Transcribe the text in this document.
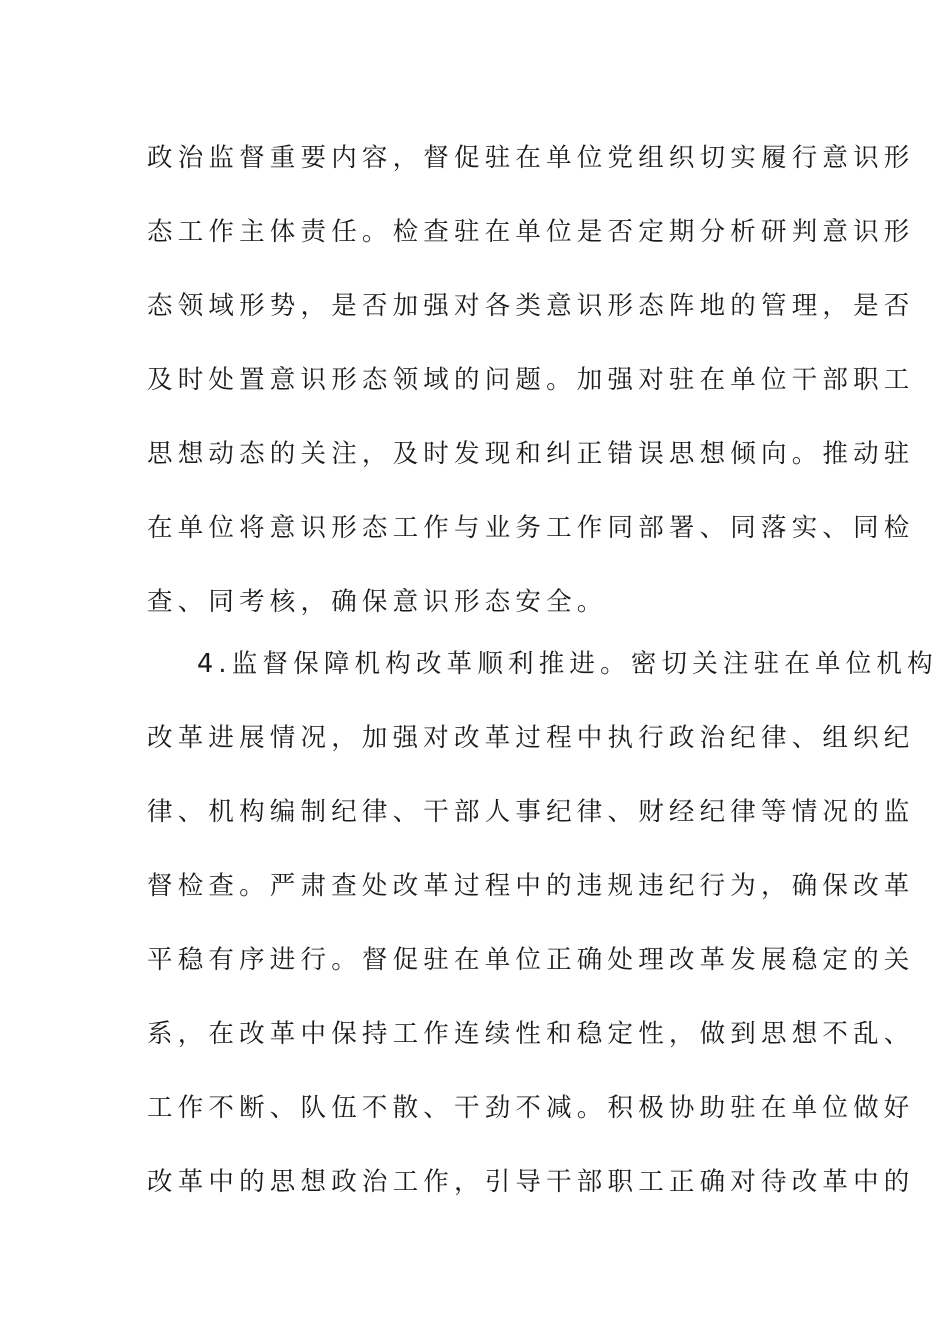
政治监督重要内容，督促驻在单位党组织切实履行意识形
态工作主体责任。检查驻在单位是否定期分析研判意识形
态领域形势，是否加强对各类意识形态阵地的管理，是否
及时处置意识形态领域的问题。加强对驻在单位干部职工
思想动态的关注，及时发现和纠正错误思想倾向。推动驻
在单位将意识形态工作与业务工作同部署、同落实、同检
查、同考核，确保意识形态安全。
4.监督保障机构改革顺利推进。密切关注驻在单位机构
改革进展情况，加强对改革过程中执行政治纪律、组织纪
律、机构编制纪律、干部人事纪律、财经纪律等情况的监
督检查。严肃查处改革过程中的违规违纪行为，确保改革
平稳有序进行。督促驻在单位正确处理改革发展稳定的关
系，在改革中保持工作连续性和稳定性，做到思想不乱、
工作不断、队伍不散、干劲不减。积极协助驻在单位做好
改革中的思想政治工作，引导干部职工正确对待改革中的
